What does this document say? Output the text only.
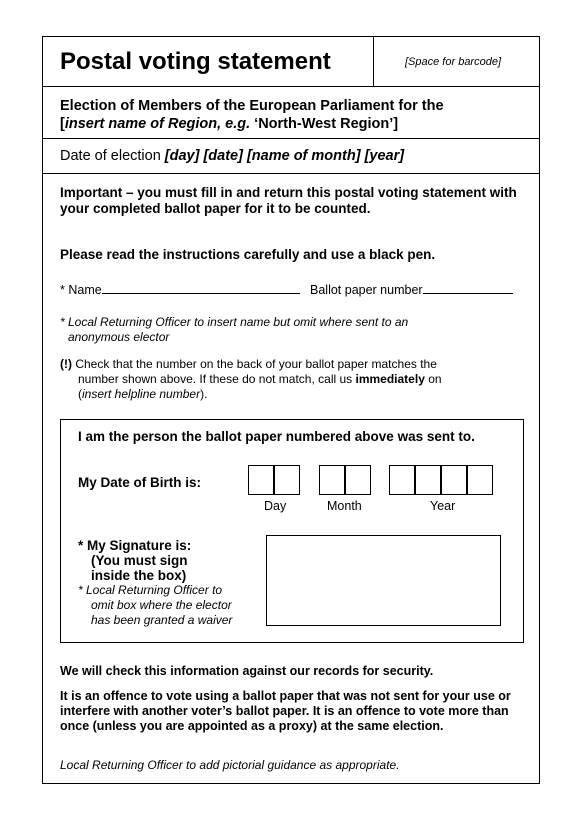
Postal voting statement	[Space for barcode]
Election of Members of the European Parliament for the
[insert name of Region, e.g. ‘North-West Region’]
Date of election [day] [date] [name of month] [year]
Important – you must fill in and return this postal voting statement with your completed ballot paper for it to be counted.
Please read the instructions carefully and use a black pen.
* Name	Ballot paper number
* Local Returning Officer to insert name but omit where sent to an
anonymous elector
(!) Check that the number on the back of your ballot paper matches the
number shown above. If these do not match, call us immediately on
(insert helpline number).
I am the person the ballot paper numbered above was sent to.
My Date of Birth is:
Day	Month	Year
* My Signature is:
(You must sign
inside the box)
* Local Returning Officer to
omit box where the elector
has been granted a waiver
We will check this information against our records for security.
It is an offence to vote using a ballot paper that was not sent for your use or interfere with another voter’s ballot paper. It is an offence to vote more than once (unless you are appointed as a proxy) at the same election.
Local Returning Officer to add pictorial guidance as appropriate.
